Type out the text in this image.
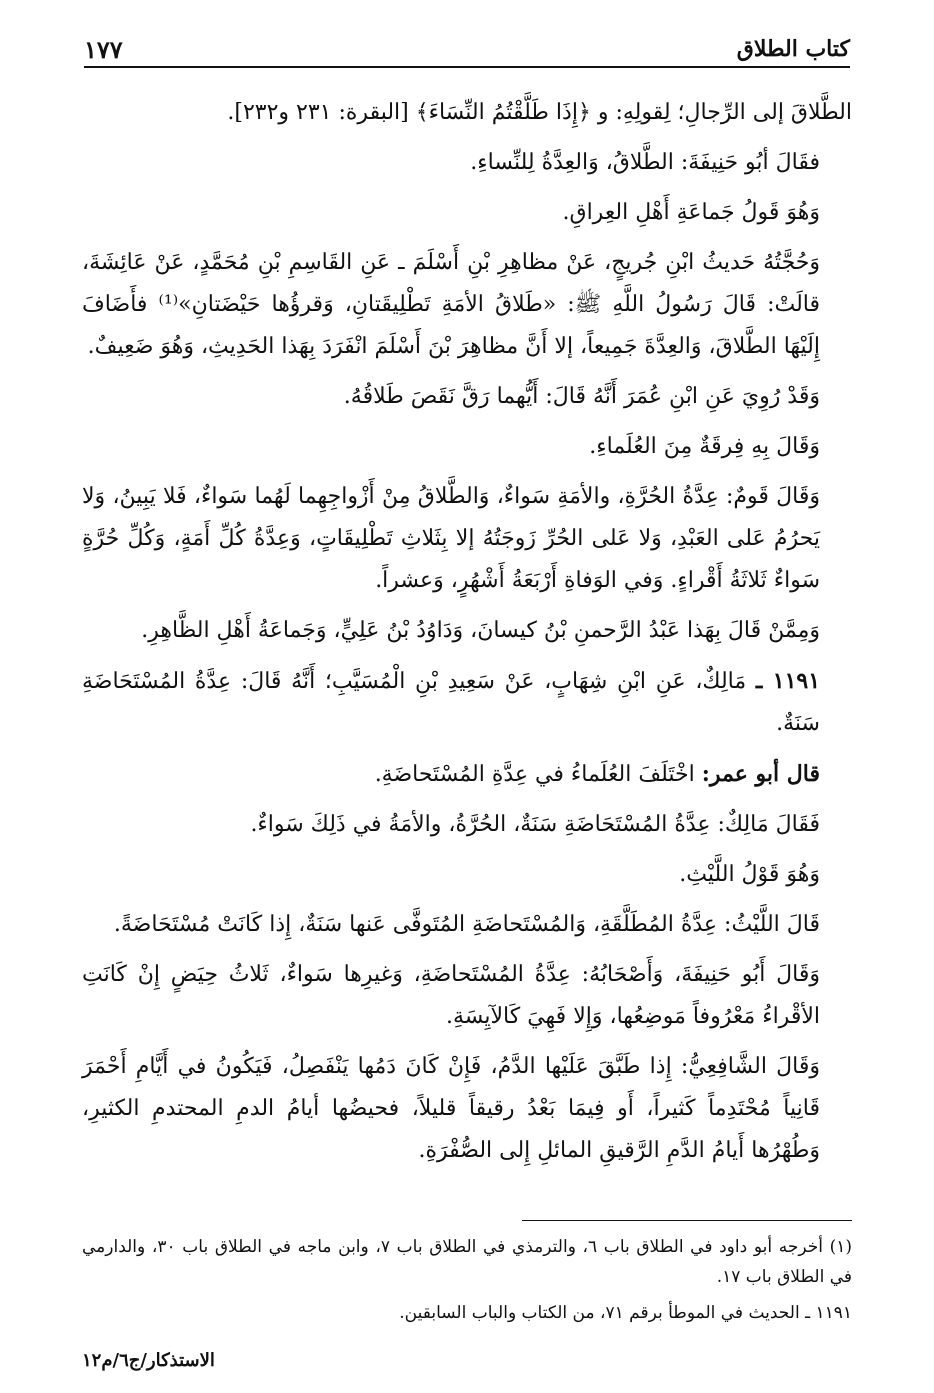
كتاب الطلاق
١٧٧

الطَّلاقَ إلى الرِّجالِ؛ لِقولِهِ: و ﴿إِذَا طَلَّقْتُمُ النِّسَاءَ﴾ [البقرة: ٢٣١ و٢٣٢].

فقَالَ أبُو حَنِيفَةَ: الطَّلاقُ، وَالعِدَّةُ لِلنِّساءِ.

وَهُوَ قَولُ جَماعَةِ أَهْلِ العِراقِ.

وَحُجَّتُهُ حَديثُ ابْنِ جُريجٍ، عَنْ مظاهِرِ بْنِ أَسْلَمَ ـ عَنِ القَاسِمِ بْنِ مُحَمَّدٍ، عَنْ عَائِشَةَ، قالَتْ: قَالَ رَسُولُ اللَّهِ ﷺ: «طَلاقُ الأمَةِ تَطْلِيقَتانِ، وَقرؤُها حَيْضَتانِ»⁽¹⁾ فأَضَافَ إِلَيْهَا الطَّلاقَ، وَالعِدَّةَ جَمِيعاً، إلا أَنَّ مظاهِرَ بْنَ أَسْلَمَ انْفَرَدَ بِهَذا الحَدِيثِ، وَهُوَ ضَعِيفٌ.

وَقَدْ رُوِيَ عَنِ ابْنِ عُمَرَ أَنَّهُ قَالَ: أَيُّهما رَقَّ نَقَصَ طَلاقُهُ.

وَقَالَ بِهِ فِرقَةٌ مِنَ العُلَماءِ.

وَقَالَ قَومٌ: عِدَّةُ الحُرَّةِ، والأمَةِ سَواءٌ، وَالطَّلاقُ مِنْ أَزْواجِهِما لَهُما سَواءٌ، فَلا يَبِينُ، وَلا يَحرُمُ عَلى العَبْدِ، وَلا عَلى الحُرِّ زَوجَتُهُ إلا بِثَلاثِ تَطْلِيقَاتٍ، وَعِدَّةُ كُلِّ أَمَةٍ، وَكُلِّ حُرَّةٍ سَواءٌ ثَلاثَةُ أَقْراءٍ. وَفي الوَفاةِ أَرْبَعَةُ أَشْهُرٍ، وَعشراً.

وَمِمَّنْ قَالَ بِهَذا عَبْدُ الرَّحمنِ بْنُ كيسانَ، وَدَاوُدُ بْنُ عَلِيٍّ، وَجَماعَةُ أَهْلِ الظَّاهِرِ.

١١٩١ ـ مَالِكٌ، عَنِ ابْنِ شِهَابٍ، عَنْ سَعِيدِ بْنِ الْمُسَيَّبِ؛ أَنَّهُ قَالَ: عِدَّةُ المُسْتَحَاضَةِ سَنَةٌ.

قال أبو عمر: اخْتَلَفَ العُلَماءُ في عِدَّةِ المُسْتَحاضَةِ.

فَقَالَ مَالِكٌ: عِدَّةُ المُسْتَحَاضَةِ سَنَةٌ، الحُرَّةُ، والأمَةُ في ذَلِكَ سَواءٌ.

وَهُوَ قَوْلُ اللَّيْثِ.

قَالَ اللَّيْثُ: عِدَّةُ المُطَلَّقَةِ، وَالمُسْتَحاضَةِ المُتَوفَّى عَنها سَنَةٌ، إِذا كَانَتْ مُسْتَحَاضَةً.

وَقَالَ أَبُو حَنِيفَةَ، وَأَصْحَابُهُ: عِدَّةُ المُسْتَحاضَةِ، وَغيرِها سَواءٌ، ثَلاثُ حِيَضٍ إِنْ كَانَتِ الأقْراءُ مَعْرُوفاً مَوضِعُها، وَإِلا فَهِيَ كَالآيِسَةِ.

وَقَالَ الشَّافِعِيُّ: إِذا طَبَّقَ عَلَيْها الدَّمُ، فَإِنْ كَانَ دَمُها يَنْفَصِلُ، فَيَكُونُ في أَيَّامِ أَحْمَرَ قَانِياً مُحْتَدِماً كَثيراً، أَو فِيمَا بَعْدُ رقيقاً قليلاً، فحيضُها أيامُ الدمِ المحتدمِ الكثيرِ، وَطُهْرُها أَيامُ الدَّمِ الرَّقيقِ المائلِ إِلى الصُّفْرَةِ.

(١) أخرجه أبو داود في الطلاق باب ٦، والترمذي في الطلاق باب ٧، وابن ماجه في الطلاق باب ٣٠، والدارمي في الطلاق باب ١٧.

١١٩١ ـ الحديث في الموطأ برقم ٧١، من الكتاب والباب السابقين.

الاستذكار/ج٦/م١٢
